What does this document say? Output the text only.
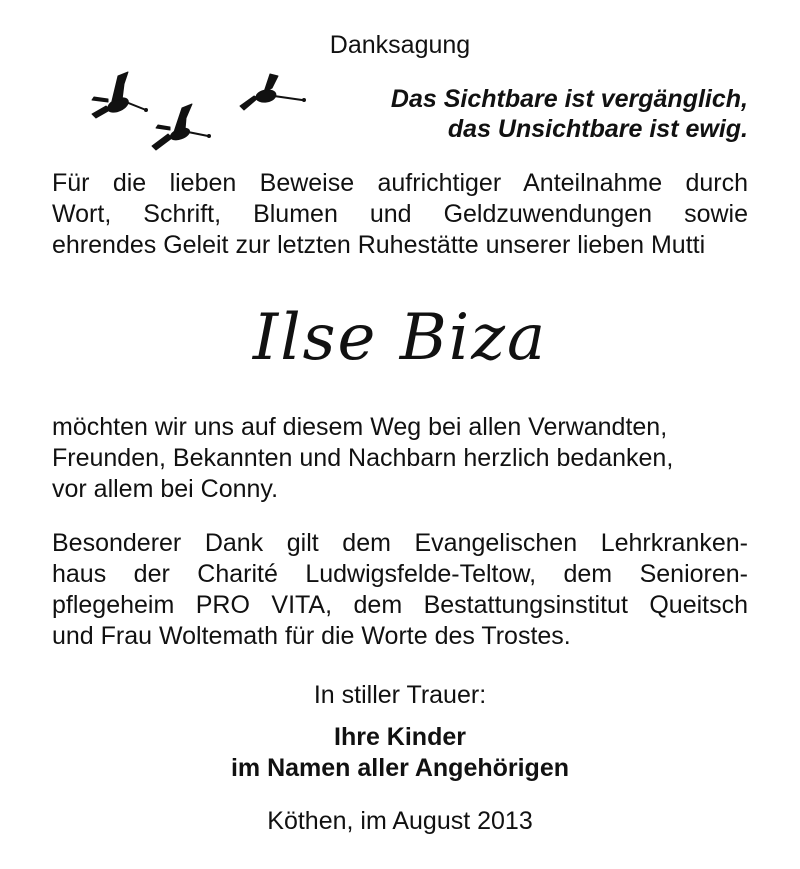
Danksagung
Das Sichtbare ist vergänglich,
das Unsichtbare ist ewig.
Für die lieben Beweise aufrichtiger Anteilnahme durch
Wort, Schrift, Blumen und Geldzuwendungen sowie
ehrendes Geleit zur letzten Ruhestätte unserer lieben Mutti
Ilse Biza
möchten wir uns auf diesem Weg bei allen Verwandten,
Freunden, Bekannten und Nachbarn herzlich bedanken,
vor allem bei Conny.
Besonderer Dank gilt dem Evangelischen Lehrkranken-
haus der Charité Ludwigsfelde-Teltow, dem Senioren-
pflegeheim PRO VITA, dem Bestattungsinstitut Queitsch
und Frau Woltemath für die Worte des Trostes.
In stiller Trauer:
Ihre Kinder
im Namen aller Angehörigen
Köthen, im August 2013
